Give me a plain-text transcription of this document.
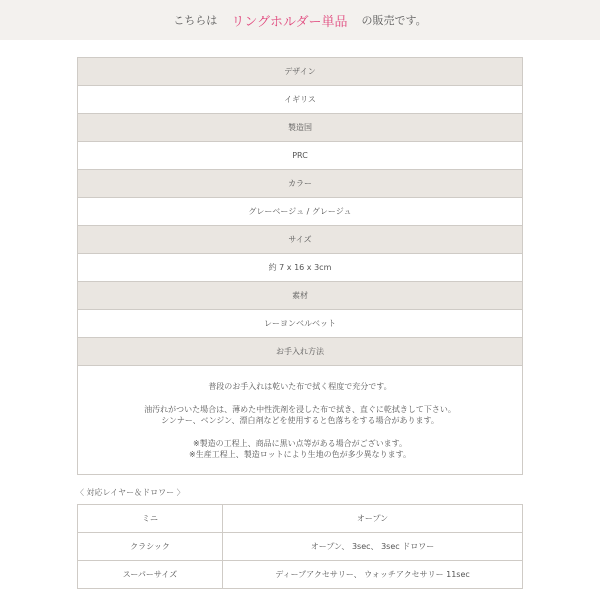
こちらは リングホルダー単品 の販売です。
デザイン
イギリス
製造国
PRC
カラー
グレーベージュ / グレージュ
サイズ
約 7 x 16 x 3cm
素材
レーヨンベルベット
お手入れ方法

普段のお手入れは乾いた布で拭く程度で充分です。

油汚れがついた場合は、薄めた中性洗剤を浸した布で拭き、直ぐに乾拭きして下さい。

シンナー、ベンジン、漂白剤などを使用すると色落ちをする場合があります。

※製造の工程上、商品に黒い点等がある場合がございます。

※生産工程上、製造ロットにより生地の色が多少異なります。

〈 対応レイヤー＆ドロワー 〉
ミニ	オープン
クラシック	オープン、 3sec、 3sec ドロワー
スーパーサイズ	ディープアクセサリー、 ウォッチアクセサリー 11sec
